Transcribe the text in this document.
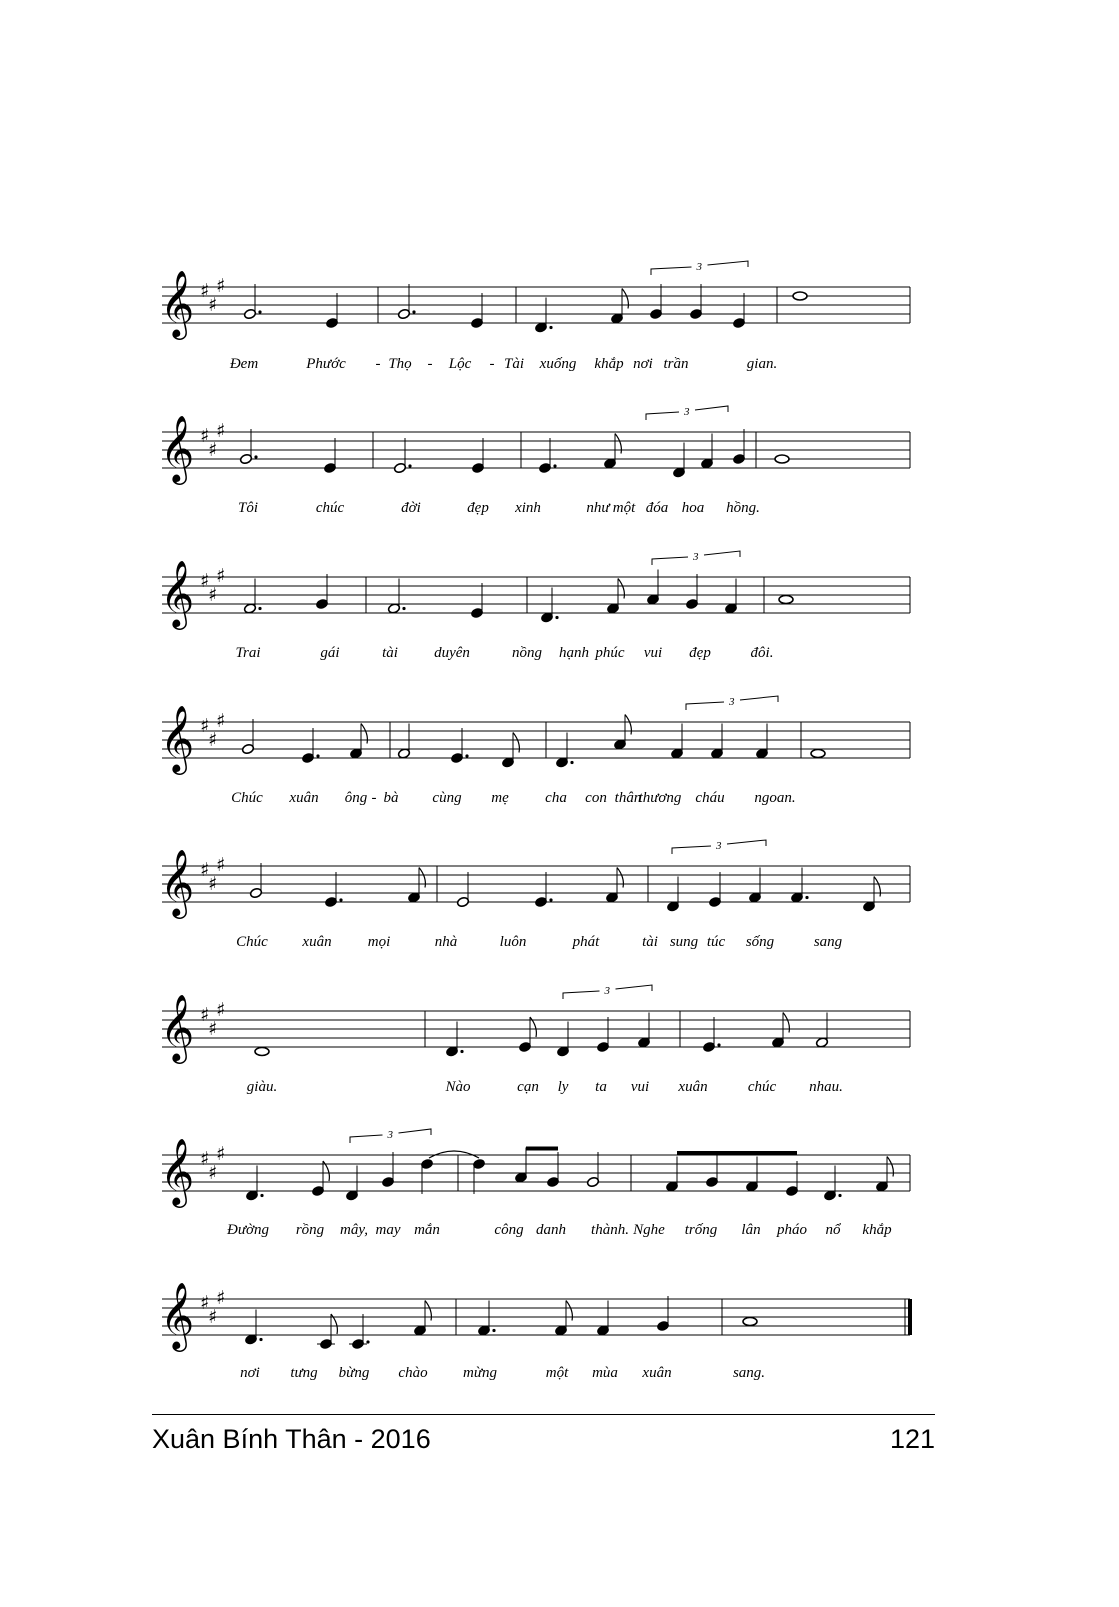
𝄞 ♯
♯
♯
3
Đem	Phước - Thọ - Lộc - Tài xuống khắp nơi trần	gian.
𝄞 ♯
♯
♯
3
Tôi	chúc	đời	đẹp xinh	như một đóa hoa hồng.
𝄞 ♯
♯
♯
3
Trai	gái	tài duyên	nồng hạnh phúc vui đẹp	đôi.
𝄞 ♯
♯
♯
3
Chúc xuân ông - bà cùng mẹ cha con thân
thương cháu ngoan.
𝄞 ♯
♯
♯
3
Chúc xuân mọi	nhà	luôn	phát	tài sung túc sống	sang
𝄞 ♯
♯
♯
3
giàu.	Nào	cạn ly ta vui xuân	chúc nhau.
𝄞 ♯
♯
♯
3
Đường rồng mây, may mắn	công danh thành. Nghe trống lân pháo nổ khắp
𝄞 ♯
♯
♯
nơi tưng bừng chào mừng	một mùa xuân	sang.
Xuân Bính Thân - 2016	121
